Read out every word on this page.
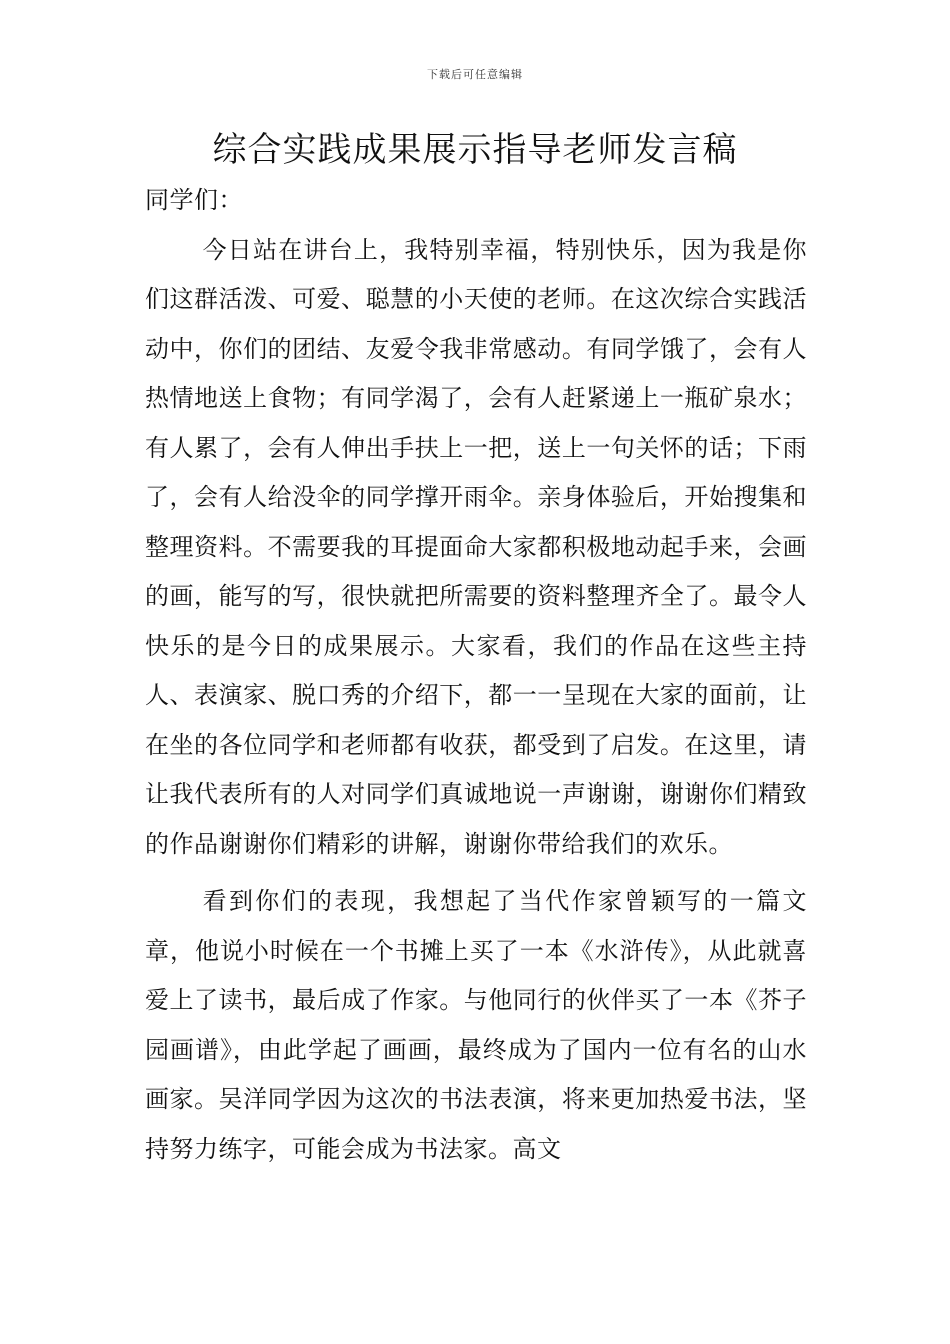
下载后可任意编辑
综合实践成果展示指导老师发言稿

同学们：

今日站在讲台上，我特别幸福，特别快乐，因为我是你们这群活泼、可爱、聪慧的小天使的老师。在这次综合实践活动中，你们的团结、友爱令我非常感动。有同学饿了，会有人热情地送上食物；有同学渴了，会有人赶紧递上一瓶矿泉水；有人累了，会有人伸出手扶上一把，送上一句关怀的话；下雨了，会有人给没伞的同学撑开雨伞。亲身体验后，开始搜集和整理资料。不需要我的耳提面命大家都积极地动起手来，会画的画，能写的写，很快就把所需要的资料整理齐全了。最令人快乐的是今日的成果展示。大家看，我们的作品在这些主持人、表演家、脱口秀的介绍下，都一一呈现在大家的面前，让在坐的各位同学和老师都有收获，都受到了启发。在这里，请让我代表所有的人对同学们真诚地说一声谢谢，谢谢你们精致的作品谢谢你们精彩的讲解，谢谢你带给我们的欢乐。

看到你们的表现，我想起了当代作家曾颖写的一篇文章，他说小时候在一个书摊上买了一本《水浒传》，从此就喜爱上了读书，最后成了作家。与他同行的伙伴买了一本《芥子园画谱》，由此学起了画画，最终成为了国内一位有名的山水画家。吴洋同学因为这次的书法表演，将来更加热爱书法，坚持努力练字，可能会成为书法家。高文
